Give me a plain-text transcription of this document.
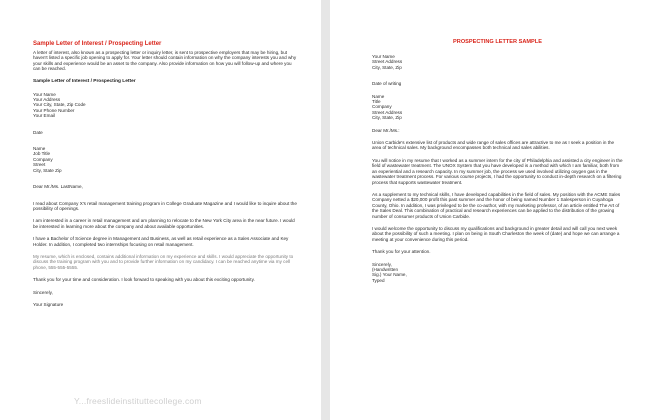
Sample Letter of Interest / Prospecting Letter

A letter of interest, also known as a prospecting letter or inquiry letter, is sent to prospective employers that may be hiring, but haven't listed a specific job opening to apply for. Your letter should contain information on why the company interests you and why your skills and experience would be an asset to the company. Also provide information on how you will follow-up and where you can be reached.

Sample Letter of Interest / Prospecting Letter

Your Name

Your Address

Your City, State, Zip Code

Your Phone Number

Your Email

Date

Name

Job Title

Company

Street

City, State Zip

Dear Mr./Ms. LastName,

I read about Company X's retail management training program in College Graduate Magazine and I would like to inquire about the possibility of openings.

I am interested in a career in retail management and am planning to relocate to the New York City area in the near future. I would be interested in learning more about the company and about available opportunities.

I have a Bachelor of Science degree in Management and Business, as well as retail experience as a Sales Associate and Key Holder. In addition, I completed two internships focusing on retail management.

My resume, which is enclosed, contains additional information on my experience and skills. I would appreciate the opportunity to discuss the training program with you and to provide further information on my candidacy. I can be reached anytime via my cell phone, 555-555-5555.

Thank you for your time and consideration. I look forward to speaking with you about this exciting opportunity.

Sincerely,

Your Signature

Y...freeslideinstituttecollege.com

PROSPECTING LETTER SAMPLE

Your Name

Street Address

City, State, Zip

Date of writing

Name

Title

Company

Street Address

City, State, Zip

Dear Mr./Ms.:

Union Carbide's extensive list of products and wide range of sales offices are attractive to me as I seek a position in the area of technical sales. My background encompasses both technical and sales abilities.

You will notice in my resume that I worked as a summer intern for the city of Philadelphia and assisted a city engineer in the field of wastewater treatment. The UNOX System that you have developed is a method with which I am familiar, both from an experiential and a research capacity. In my summer job, the process we used involved utilizing oxygen gas in the wastewater treatment process. For various course projects, I had the opportunity to conduct in-depth research on a filtering process that supports wastewater treatment.

As a supplement to my technical skills, I have developed capabilities in the field of sales. My position with the ACME Sales Company netted a $20,000 profit this past summer and the honor of being named Number 1 Salesperson in Cuyahoga County, Ohio. In addition, I was privileged to be the co-author, with my marketing professor, of an article entitled The Art of the Sales Deal. This combination of practical and research experiences can be applied to the distribution of the growing number of consumer products of Union Carbide.

I would welcome the opportunity to discuss my qualifications and background in greater detail and will call you next week about the possibility of such a meeting. I plan on being in South Charleston the week of (date) and hope we can arrange a meeting at your convenience during this period.

Thank you for your attention.

Sincerely,

(Handwritten

Sig.) Your Name,

Typed
